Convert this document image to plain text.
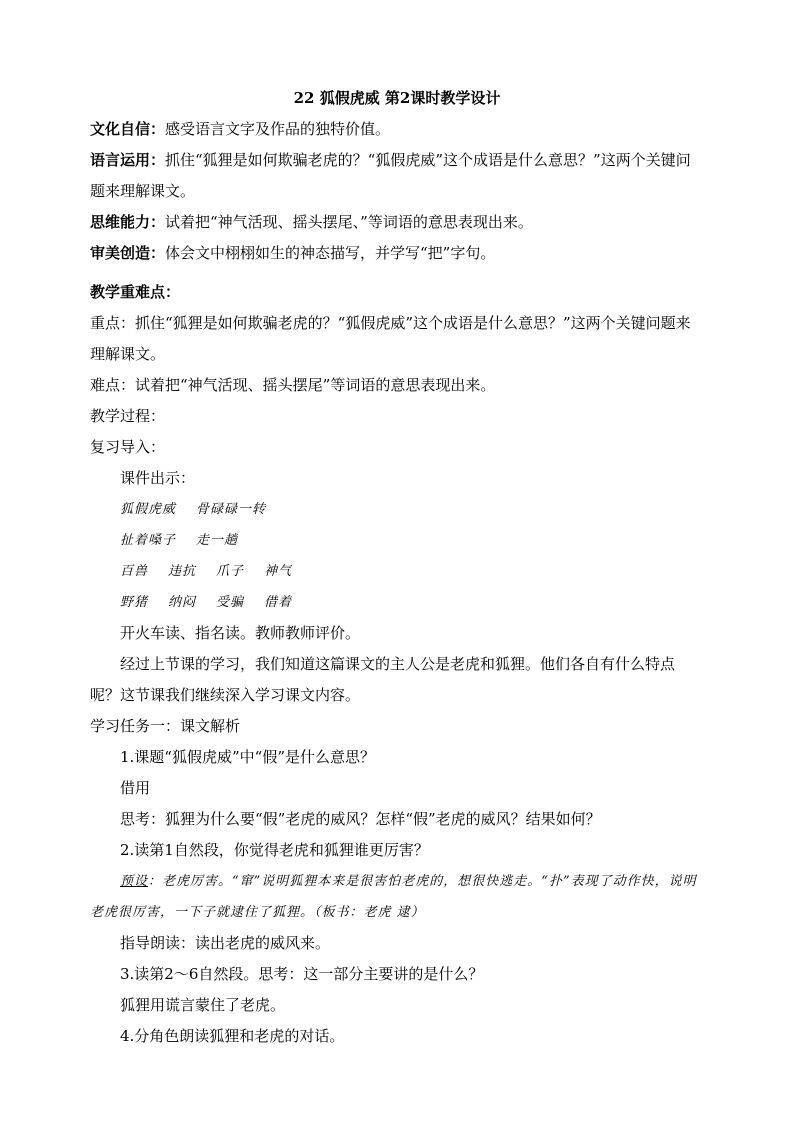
22 狐假虎威 第2课时教学设计
文化自信：感受语言文字及作品的独特价值。
语言运用：抓住“狐狸是如何欺骗老虎的？“狐假虎威”这个成语是什么意思？”这两个关键问题来理解课文。
思维能力：试着把“神气活现、摇头摆尾、”等词语的意思表现出来。
审美创造：体会文中栩栩如生的神态描写，并学写“把”字句。
教学重难点：
重点：抓住“狐狸是如何欺骗老虎的？“狐假虎威”这个成语是什么意思？”这两个关键问题来理解课文。
难点：试着把“神气活现、摇头摆尾”等词语的意思表现出来。
教学过程：
复习导入：
课件出示：
狐假虎威 骨碌碌一转
扯着嗓子 走一趟
百兽 违抗 爪子 神气
野猪 纳闷 受骗 借着
开火车读、指名读。教师教师评价。
经过上节课的学习，我们知道这篇课文的主人公是老虎和狐狸。他们各自有什么特点呢？这节课我们继续深入学习课文内容。
学习任务一：课文解析
1.课题“狐假虎威”中“假”是什么意思？
借用
思考：狐狸为什么要“假”老虎的威风？怎样“假”老虎的威风？结果如何？
2.读第1自然段，你觉得老虎和狐狸谁更厉害？
预设：老虎厉害。“窜”说明狐狸本来是很害怕老虎的，想很快逃走。“扑”表现了动作快，说明老虎很厉害，一下子就逮住了狐狸。（板书：老虎 逮）
指导朗读：读出老虎的威风来。
3.读第2～6自然段。思考：这一部分主要讲的是什么？
狐狸用谎言蒙住了老虎。
4.分角色朗读狐狸和老虎的对话。
